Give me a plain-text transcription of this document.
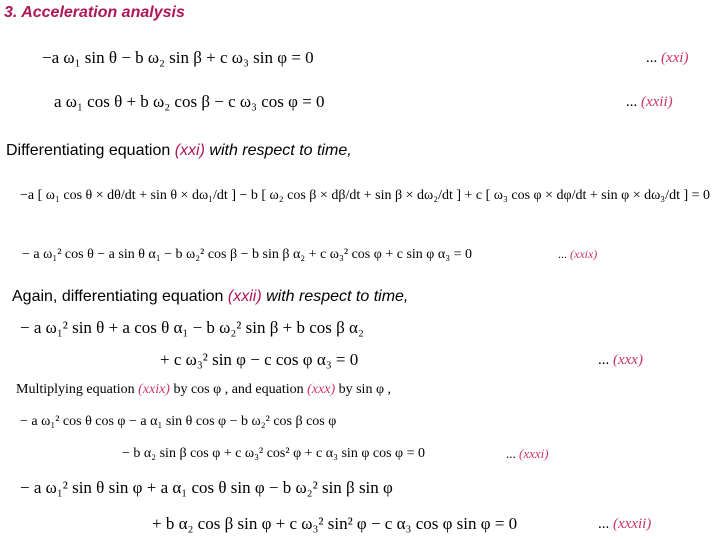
3. Acceleration analysis
−a ω₁ sin θ − b ω₂ sin β + c ω₃ sin φ = 0	... (xxi)
a ω₁ cos θ + b ω₂ cos β − c ω₃ cos φ = 0	... (xxii)
Differentiating equation (xxi) with respect to time,
−a [ ω₁ cos θ × dθ/dt + sin θ × dω₁/dt ] − b [ ω₂ cos β × dβ/dt + sin β × dω₂/dt ] + c [ ω₃ cos φ × dφ/dt + sin φ × dω₃/dt ] = 0
− a ω₁² cos θ − a sin θ α₁ − b ω₂² cos β − b sin β α₂ + c ω₃² cos φ + c sin φ α₃ = 0	... (xxix)
Again, differentiating equation (xxii) with respect to time,
− a ω₁² sin θ + a cos θ α₁ − b ω₂² sin β + b cos β α₂
+ c ω₃² sin φ − c cos φ α₃ = 0	... (xxx)
Multiplying equation (xxix) by cos φ , and equation (xxx) by sin φ ,
− a ω₁² cos θ cos φ − a α₁ sin θ cos φ − b ω₂² cos β cos φ
− b α₂ sin β cos φ + c ω₃² cos² φ + c α₃ sin φ cos φ = 0	... (xxxi)
− a ω₁² sin θ sin φ + a α₁ cos θ sin φ − b ω₂² sin β sin φ
+ b α₂ cos β sin φ + c ω₃² sin² φ − c α₃ cos φ sin φ = 0	... (xxxii)
